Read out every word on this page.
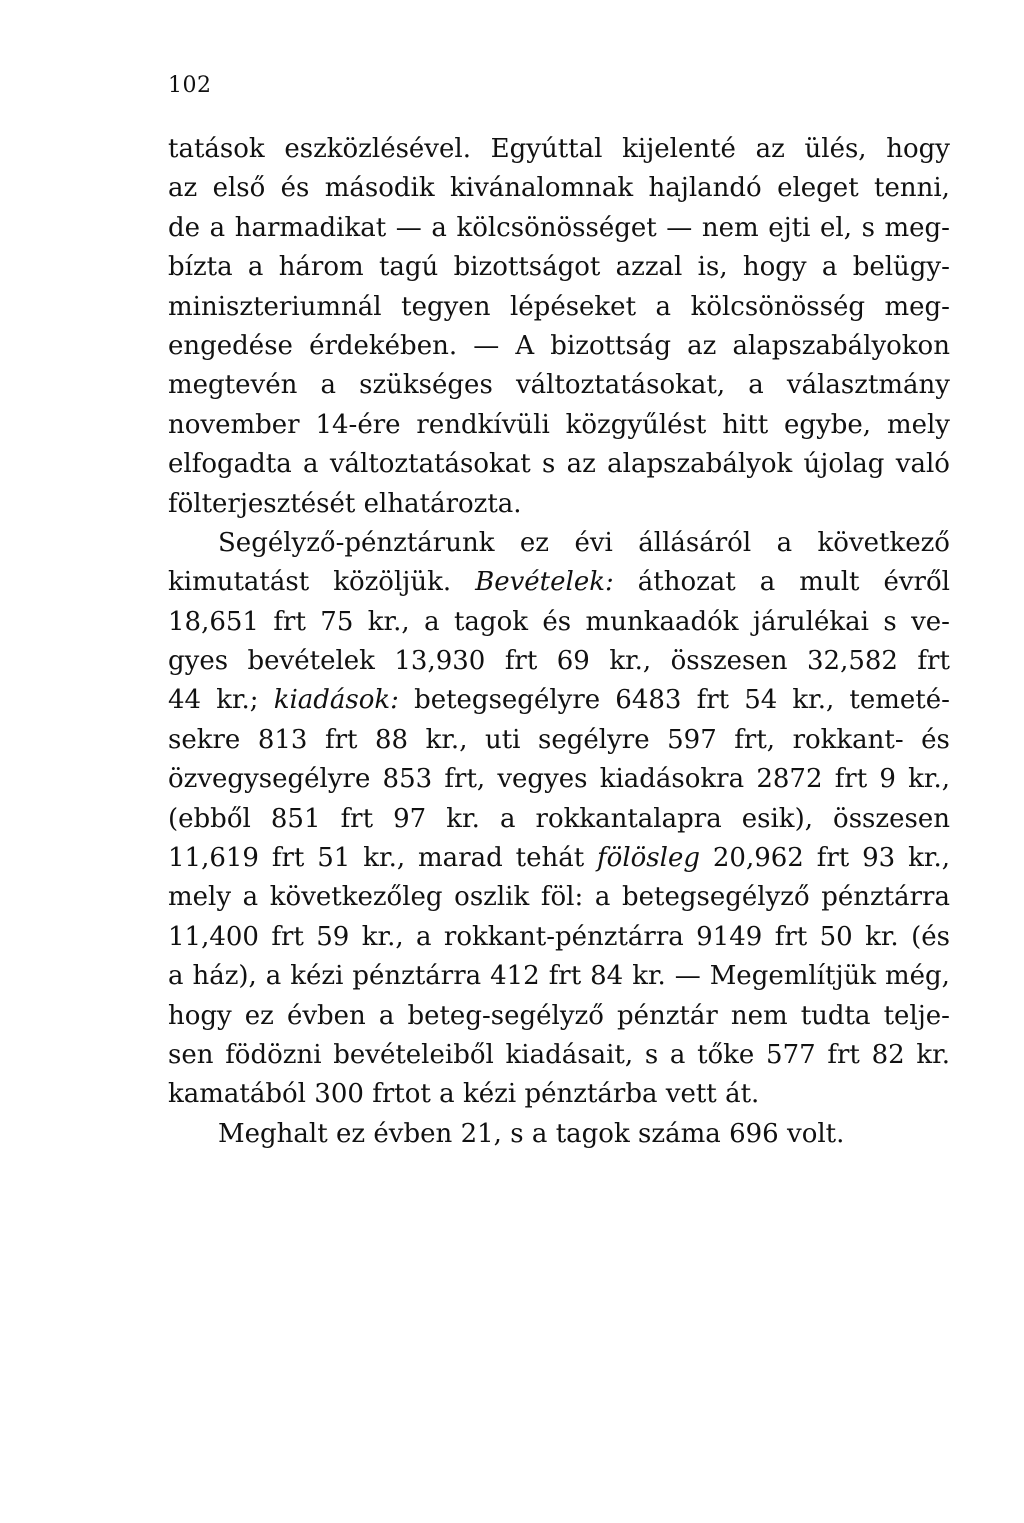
102
tatások eszközlésével. Egyúttal kijelenté az ülés, hogy
az első és második kivánalomnak hajlandó eleget tenni,
de a harmadikat — a kölcsönösséget — nem ejti el, s meg-
bízta a három tagú bizottságot azzal is, hogy a belügy-
miniszteriumnál tegyen lépéseket a kölcsönösség meg-
engedése érdekében. — A bizottság az alapszabályokon
megtevén a szükséges változtatásokat, a választmány
november 14-ére rendkívüli közgyűlést hitt egybe, mely
elfogadta a változtatásokat s az alapszabályok újolag való
fölterjesztését elhatározta.
Segélyző-pénztárunk ez évi állásáról a következő
kimutatást közöljük. Bevételek: áthozat a mult évről
18,651 frt 75 kr., a tagok és munkaadók járulékai s ve-
gyes bevételek 13,930 frt 69 kr., összesen 32,582 frt
44 kr.; kiadások: betegsegélyre 6483 frt 54 kr., temeté-
sekre 813 frt 88 kr., uti segélyre 597 frt, rokkant- és
özvegysegélyre 853 frt, vegyes kiadásokra 2872 frt 9 kr.,
(ebből 851 frt 97 kr. a rokkantalapra esik), összesen
11,619 frt 51 kr., marad tehát fölösleg 20,962 frt 93 kr.,
mely a következőleg oszlik föl: a betegsegélyző pénztárra
11,400 frt 59 kr., a rokkant-pénztárra 9149 frt 50 kr. (és
a ház), a kézi pénztárra 412 frt 84 kr. — Megemlítjük még,
hogy ez évben a beteg-segélyző pénztár nem tudta telje-
sen födözni bevételeiből kiadásait, s a tőke 577 frt 82 kr.
kamatából 300 frtot a kézi pénztárba vett át.
Meghalt ez évben 21, s a tagok száma 696 volt.
